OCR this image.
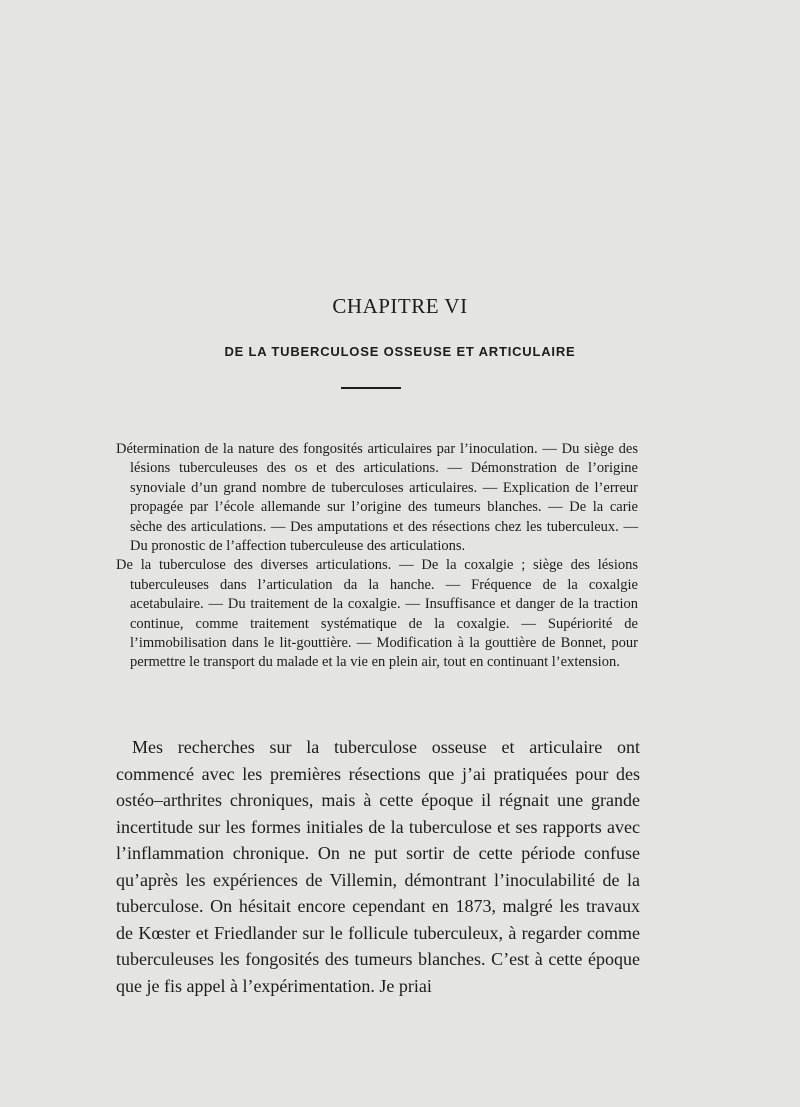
CHAPITRE VI
DE LA TUBERCULOSE OSSEUSE ET ARTICULAIRE

Détermination de la nature des fongosités articulaires par l’inoculation. — Du siège des lésions tuberculeuses des os et des articulations. — Démonstration de l’origine synoviale d’un grand nombre de tuberculoses articulaires. — Explication de l’erreur propagée par l’école allemande sur l’origine des tumeurs blanches. — De la carie sèche des articulations. — Des amputations et des résections chez les tuberculeux. — Du pronostic de l’affection tuberculeuse des articulations.

De la tuberculose des diverses articulations. — De la coxalgie ; siège des lésions tuberculeuses dans l’articulation da la hanche. — Fréquence de la coxalgie acetabulaire. — Du traitement de la coxalgie. — Insuffisance et danger de la traction continue, comme traitement systématique de la coxalgie. — Supériorité de l’immobilisation dans le lit-gouttière. — Modification à la gouttière de Bonnet, pour permettre le transport du malade et la vie en plein air, tout en continuant l’extension.

Mes recherches sur la tuberculose osseuse et articulaire ont commencé avec les premières résections que j’ai pratiquées pour des ostéo–arthrites chroniques, mais à cette époque il régnait une grande incertitude sur les formes initiales de la tuberculose et ses rapports avec l’inflammation chronique. On ne put sortir de cette période confuse qu’après les expériences de Villemin, démontrant l’inoculabilité de la tuberculose. On hésitait encore cependant en 1873, malgré les travaux de Kœster et Friedlander sur le follicule tuberculeux, à regarder comme tuberculeuses les fongosités des tumeurs blanches. C’est à cette époque que je fis appel à l’expérimentation. Je priai
